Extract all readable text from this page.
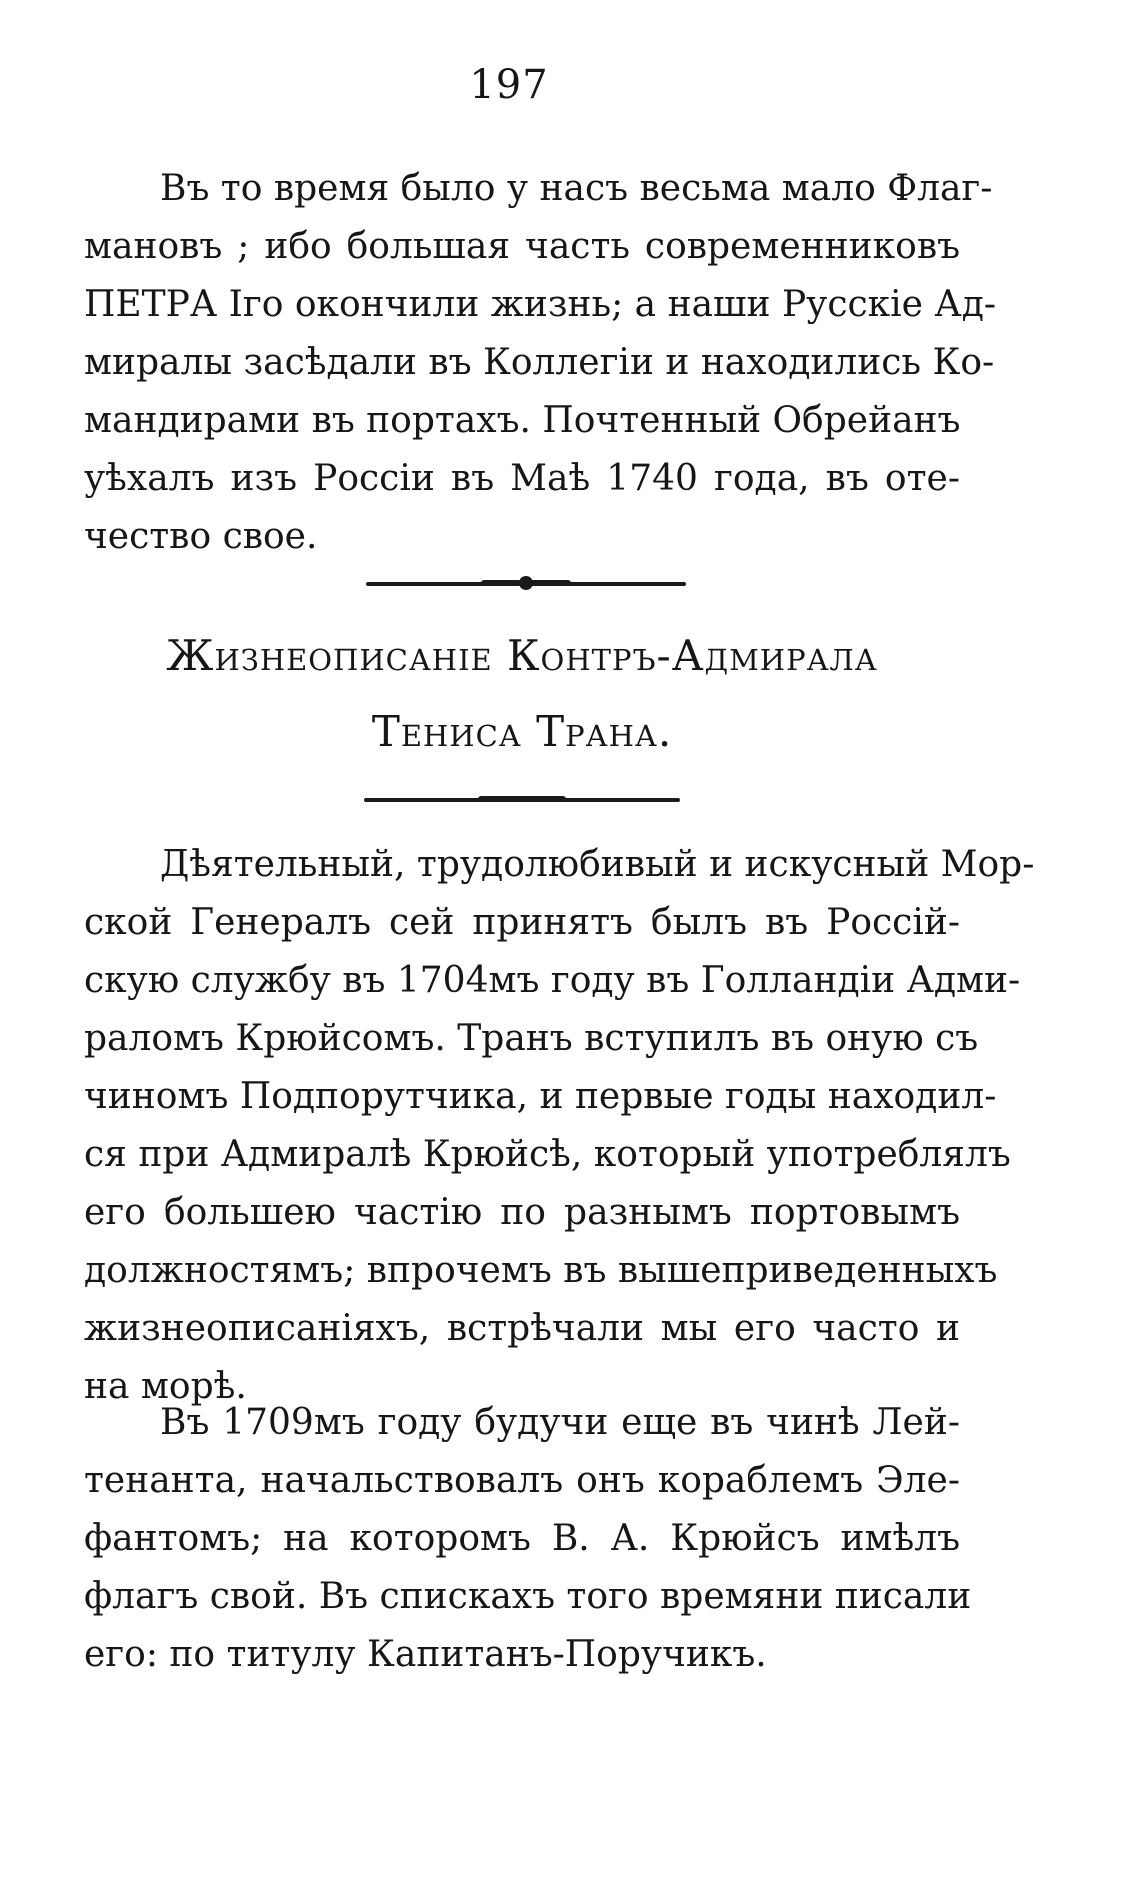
197
Въ то время было у насъ весьма мало Флаг-
мановъ ; ибо большая часть современниковъ
ПЕТРА Iго окончили жизнь; а наши Русскіе Ад-
миралы засѣдали въ Коллегіи и находились Ко-
мандирами въ портахъ. Почтенный Обрейанъ
уѣхалъ изъ Россіи въ Маѣ 1740 года, въ оте-
чество свое.
Жизнеописаніе Контръ-Адмирала
Тениса Трана.
Дѣятельный, трудолюбивый и искусный Мор-
ской Генералъ сей принятъ былъ въ Россій-
скую службу въ 1704мъ году въ Голландіи Адми-
раломъ Крюйсомъ. Транъ вступилъ въ оную съ
чиномъ Подпорутчика, и первые годы находил-
ся при Адмиралѣ Крюйсѣ, который употреблялъ
его большею частію по разнымъ портовымъ
должностямъ; впрочемъ въ вышеприведенныхъ
жизнеописаніяхъ, встрѣчали мы его часто и
на морѣ.
Въ 1709мъ году будучи еще въ чинѣ Лей-
тенанта, начальствовалъ онъ кораблемъ Эле-
фантомъ; на которомъ В. А. Крюйсъ имѣлъ
флагъ свой. Въ спискахъ того времяни писали
его: по титулу Капитанъ-Поручикъ.
